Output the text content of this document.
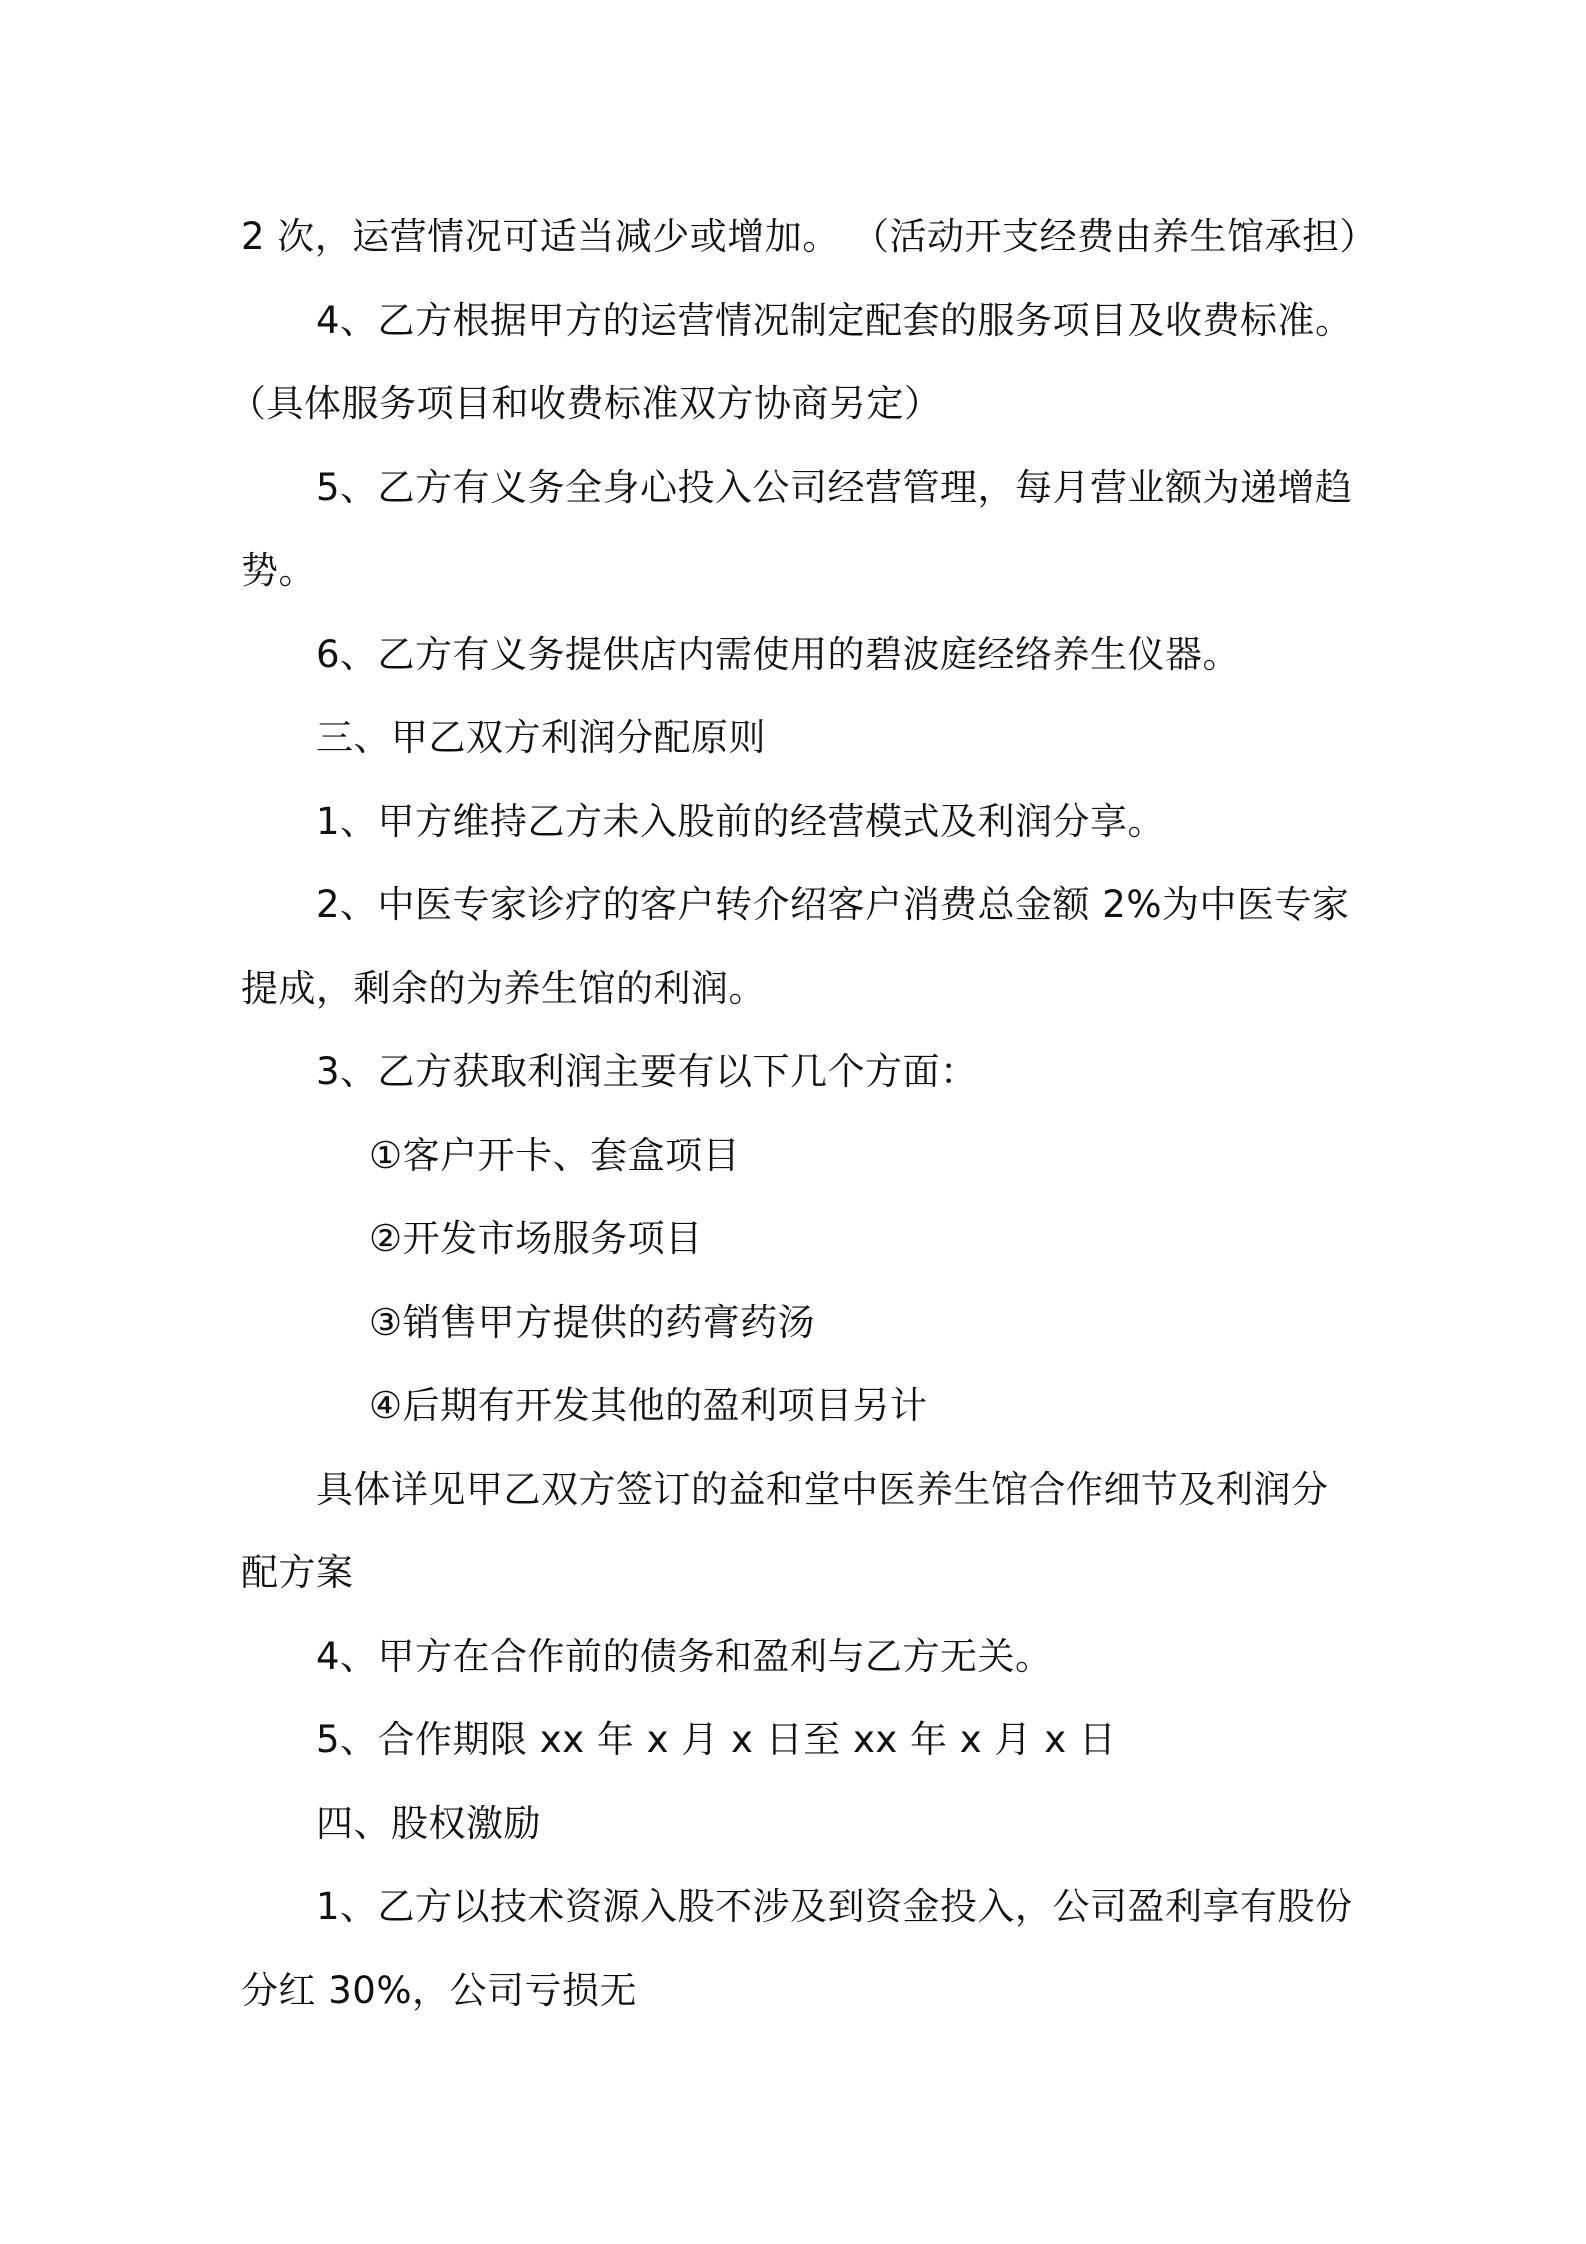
2 次，运营情况可适当减少或增加。 （活动开支经费由养生馆承担）
4、乙方根据甲方的运营情况制定配套的服务项目及收费标准。
（具体服务项目和收费标准双方协商另定）
5、乙方有义务全身心投入公司经营管理，每月营业额为递增趋
势。
6、乙方有义务提供店内需使用的碧波庭经络养生仪器。
三、甲乙双方利润分配原则
1、甲方维持乙方未入股前的经营模式及利润分享。
2、中医专家诊疗的客户转介绍客户消费总金额 2%为中医专家
提成，剩余的为养生馆的利润。
3、乙方获取利润主要有以下几个方面：
①客户开卡、套盒项目
②开发市场服务项目
③销售甲方提供的药膏药汤
④后期有开发其他的盈利项目另计
具体详见甲乙双方签订的益和堂中医养生馆合作细节及利润分
配方案
4、甲方在合作前的债务和盈利与乙方无关。
5、合作期限 xx 年 x 月 x 日至 xx 年 x 月 x 日
四、股权激励
1、乙方以技术资源入股不涉及到资金投入，公司盈利享有股份
分红 30%，公司亏损无
